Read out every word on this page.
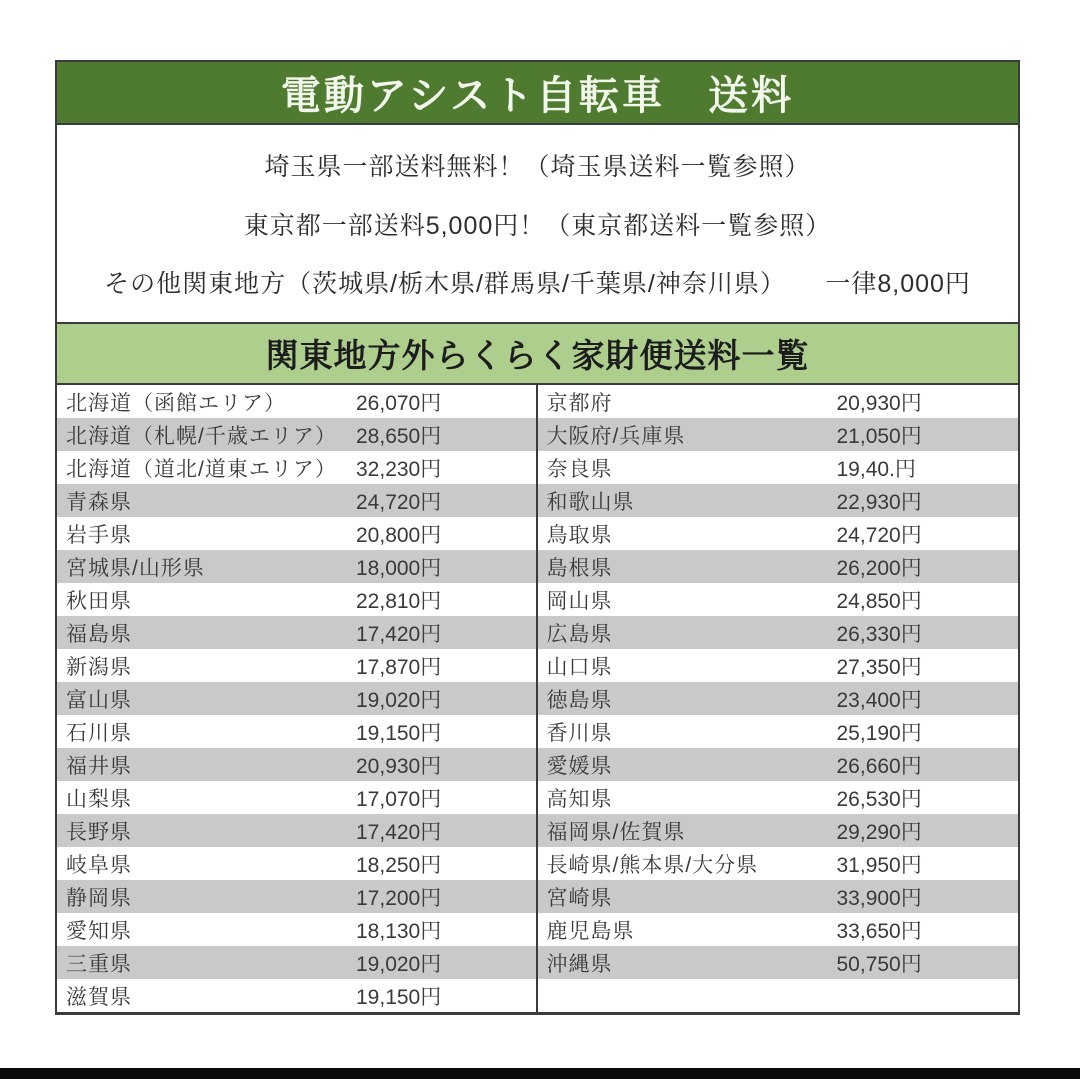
電動アシスト自転車　送料
埼玉県一部送料無料！（埼玉県送料一覧参照）
東京都一部送料5,000円！（東京都送料一覧参照）
その他関東地方（茨城県/栃木県/群馬県/千葉県/神奈川県）　　一律8,000円
関東地方外らくらく家財便送料一覧
北海道（函館エリア）	26,070円
北海道（札幌/千歳エリア） 28,650円
北海道（道北/道東エリア） 32,230円
青森県	24,720円
岩手県	20,800円
宮城県/山形県	18,000円
秋田県	22,810円
福島県	17,420円
新潟県	17,870円
富山県	19,020円
石川県	19,150円
福井県	20,930円
山梨県	17,070円
長野県	17,420円
岐阜県	18,250円
静岡県	17,200円
愛知県	18,130円
三重県	19,020円
滋賀県	19,150円
京都府	20,930円
大阪府/兵庫県	21,050円
奈良県	19,40.円
和歌山県	22,930円
鳥取県	24,720円
島根県	26,200円
岡山県	24,850円
広島県	26,330円
山口県	27,350円
徳島県	23,400円
香川県	25,190円
愛媛県	26,660円
高知県	26,530円
福岡県/佐賀県	29,290円
長崎県/熊本県/大分県	31,950円
宮崎県	33,900円
鹿児島県	33,650円
沖縄県	50,750円
